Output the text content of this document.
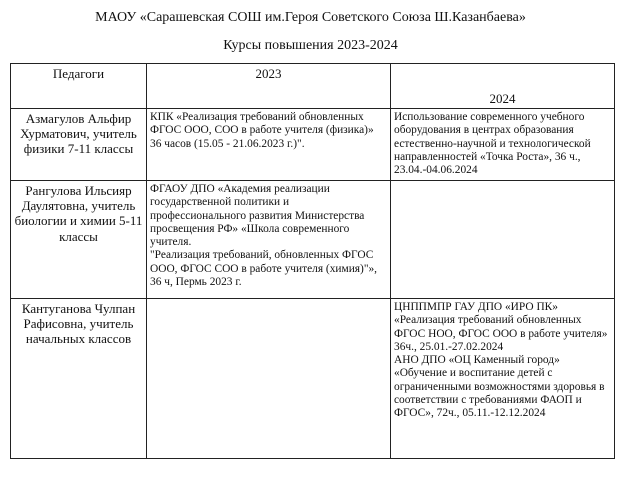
МАОУ «Сарашевская СОШ им.Героя Советского Союза Ш.Казанбаева»
Курсы повышения 2023-2024
Педагоги	2023	2024
Азмагулов Альфир Хурматович, учитель физики 7-11 классы	КПК «Реализация требований обновленных ФГОС ООО, СОО в работе учителя (физика)» 36 часов (15.05 - 21.06.2023 г.)".	Использование современного учебного оборудования в центрах образования естественно-научной и технологической направленностей «Точка Роста», 36 ч., 23.04.-04.06.2024
Рангулова Ильсияр Даулятовна, учитель биологии и химии 5-11 классы	ФГАОУ ДПО «Академия реализации государственной политики и профессионального развития Министерства просвещения РФ» «Школа современного учителя.
"Реализация требований, обновленных ФГОС ООО, ФГОС СОО в работе учителя (химия)"», 36 ч, Пермь 2023 г.	
Кантуганова Чулпан Рафисовна, учитель начальных классов		ЦНППМПР ГАУ ДПО «ИРО ПК» «Реализация требований обновленных ФГОС НОО, ФГОС ООО в работе учителя» 36ч., 25.01.-27.02.2024
АНО ДПО «ОЦ Каменный город» «Обучение и воспитание детей с ограниченными возможностями здоровья в соответствии с требованиями ФАОП и ФГОС», 72ч., 05.11.-12.12.2024
